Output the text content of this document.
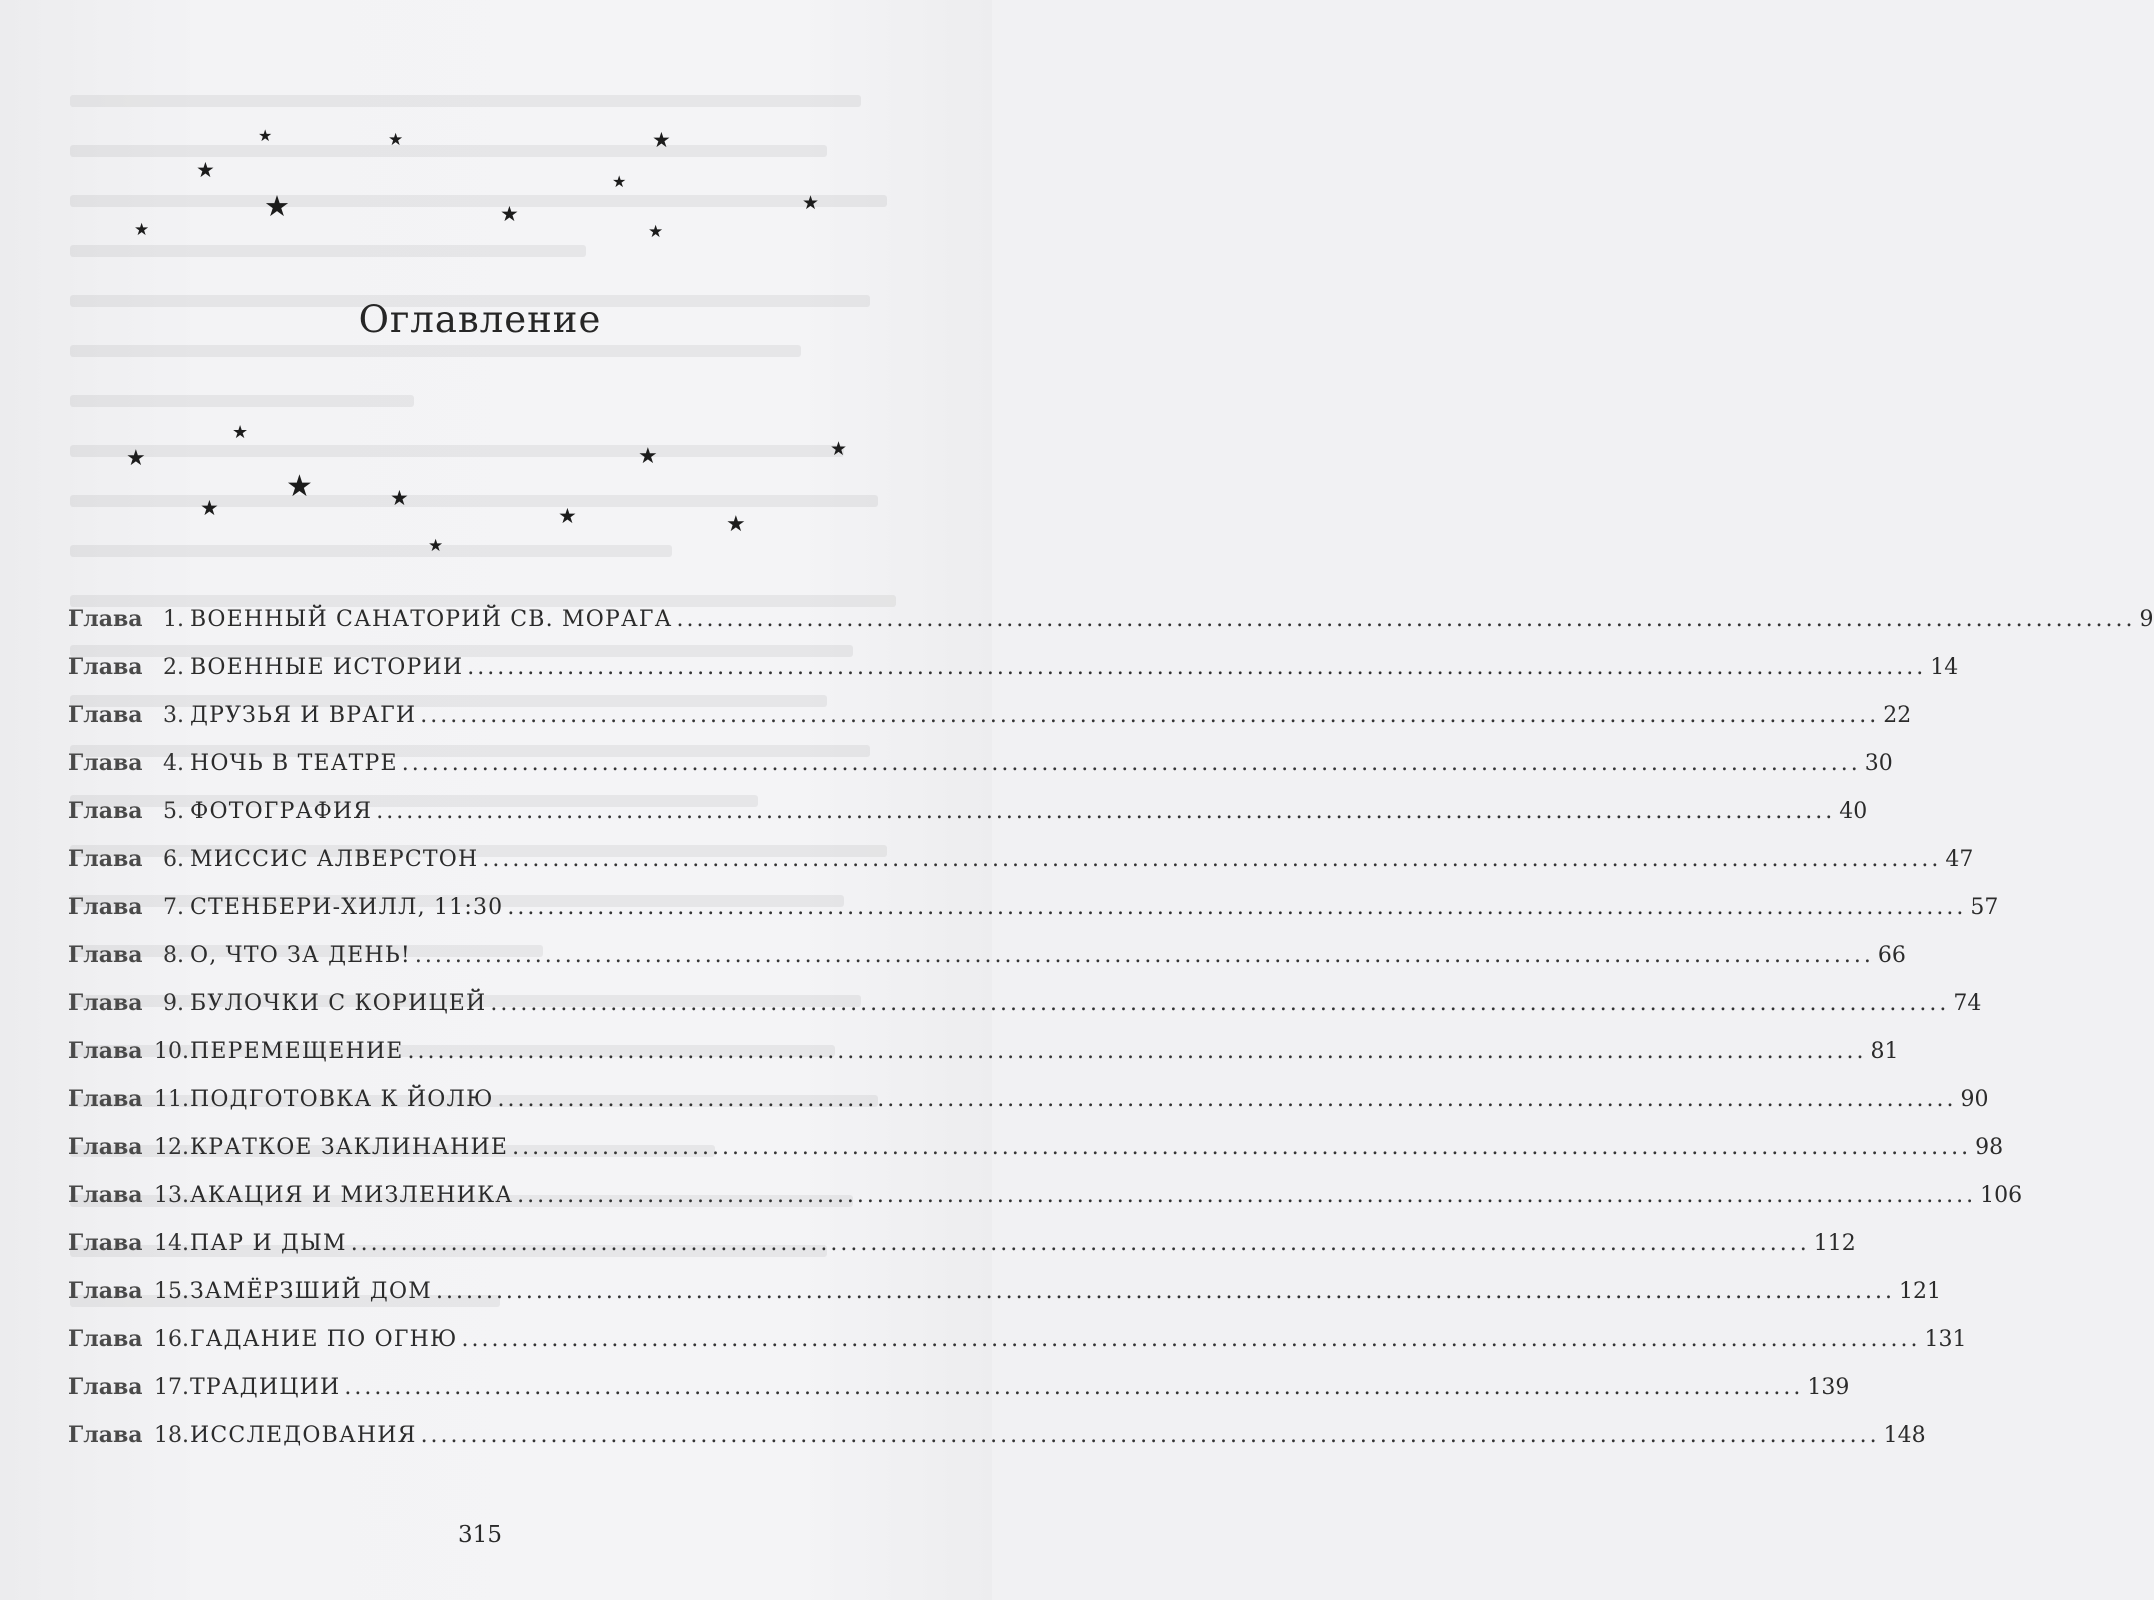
★
★
★
★
★
★
★
★
★
★
Оглавление
★
★
★
★	★
★
★
★
★
★
Глава 1. ВОЕННЫЙ САНАТОРИЙ СВ. МОРАГА .................................................................................................................................................. 9
Глава 2. ВОЕННЫЕ ИСТОРИИ .................................................................................................................................................. 14
Глава 3. ДРУЗЬЯ И ВРАГИ .................................................................................................................................................. 22
Глава 4. НОЧЬ В ТЕАТРЕ .................................................................................................................................................. 30
Глава 5. ФОТОГРАФИЯ .................................................................................................................................................. 40
Глава 6. МИССИС АЛВЕРСТОН .................................................................................................................................................. 47
Глава 7. СТЕНБЕРИ-ХИЛЛ, 11:30 .................................................................................................................................................. 57
Глава 8. О, ЧТО ЗА ДЕНЬ! .................................................................................................................................................. 66
Глава 9. БУЛОЧКИ С КОРИЦЕЙ .................................................................................................................................................. 74
Глава 10. ПЕРЕМЕЩЕНИЕ .................................................................................................................................................. 81
Глава 11. ПОДГОТОВКА К ЙОЛЮ .................................................................................................................................................. 90
Глава 12. КРАТКОЕ ЗАКЛИНАНИЕ .................................................................................................................................................. 98
Глава 13. АКАЦИЯ И МИЗЛЕНИКА .................................................................................................................................................. 106
Глава 14. ПАР И ДЫМ .................................................................................................................................................. 112
Глава 15. ЗАМЁРЗШИЙ ДОМ .................................................................................................................................................. 121
Глава 16. ГАДАНИЕ ПО ОГНЮ .................................................................................................................................................. 131
Глава 17. ТРАДИЦИИ .................................................................................................................................................. 139
Глава 18. ИССЛЕДОВАНИЯ .................................................................................................................................................. 148
315
